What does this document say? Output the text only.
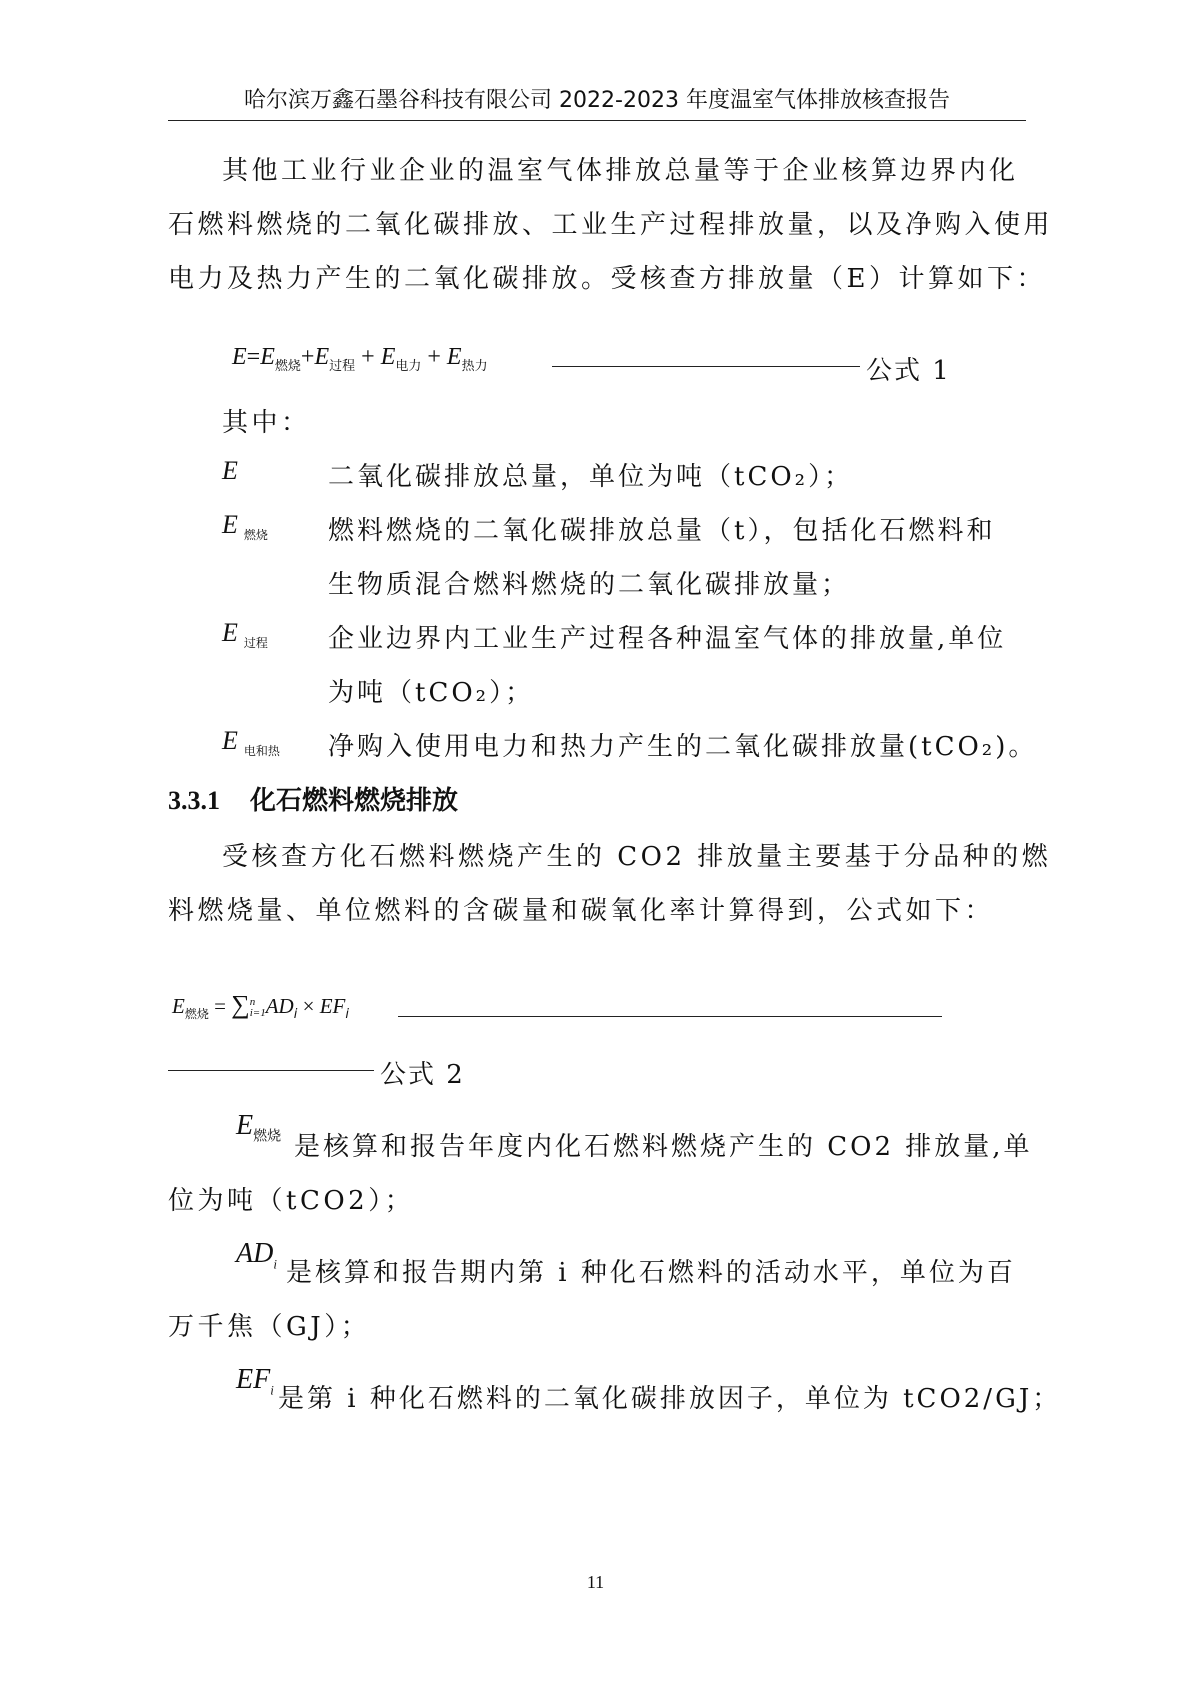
哈尔滨万鑫石墨谷科技有限公司 2022-2023 年度温室气体排放核查报告
其他工业行业企业的温室气体排放总量等于企业核算边界内化
石燃料燃烧的二氧化碳排放、工业生产过程排放量，以及净购入使用
电力及热力产生的二氧化碳排放。受核查方排放量（E）计算如下：
$E=E_{燃烧}+E_{过程} + E_{电力} + E_{热力}$	公式 1
其中：
E	二氧化碳排放总量，单位为吨（tCO₂）；
E $_{燃烧}$ 燃料燃烧的二氧化碳排放总量（t），包括化石燃料和
生物质混合燃料燃烧的二氧化碳排放量；
E $_{过程}$ 企业边界内工业生产过程各种温室气体的排放量,单位
为吨（tCO₂）；
E $_{电和热}$ 净购入使用电力和热力产生的二氧化碳排放量(tCO₂)。
3.3.1 化石燃料燃烧排放
受核查方化石燃料燃烧产生的 CO2 排放量主要基于分品种的燃
料燃烧量、单位燃料的含碳量和碳氧化率计算得到，公式如下：
$E_{燃烧} = \sum n$
$i=1AD_i \times EF_i$
公式 2
$E_{燃烧}$ 是核算和报告年度内化石燃料燃烧产生的 CO2 排放量,单
位为吨（tCO2）；
$AD_i$ 是核算和报告期内第 i 种化石燃料的活动水平，单位为百
万千焦（GJ）；
$EF_i$ 是第 i 种化石燃料的二氧化碳排放因子，单位为 tCO2/GJ；
11
